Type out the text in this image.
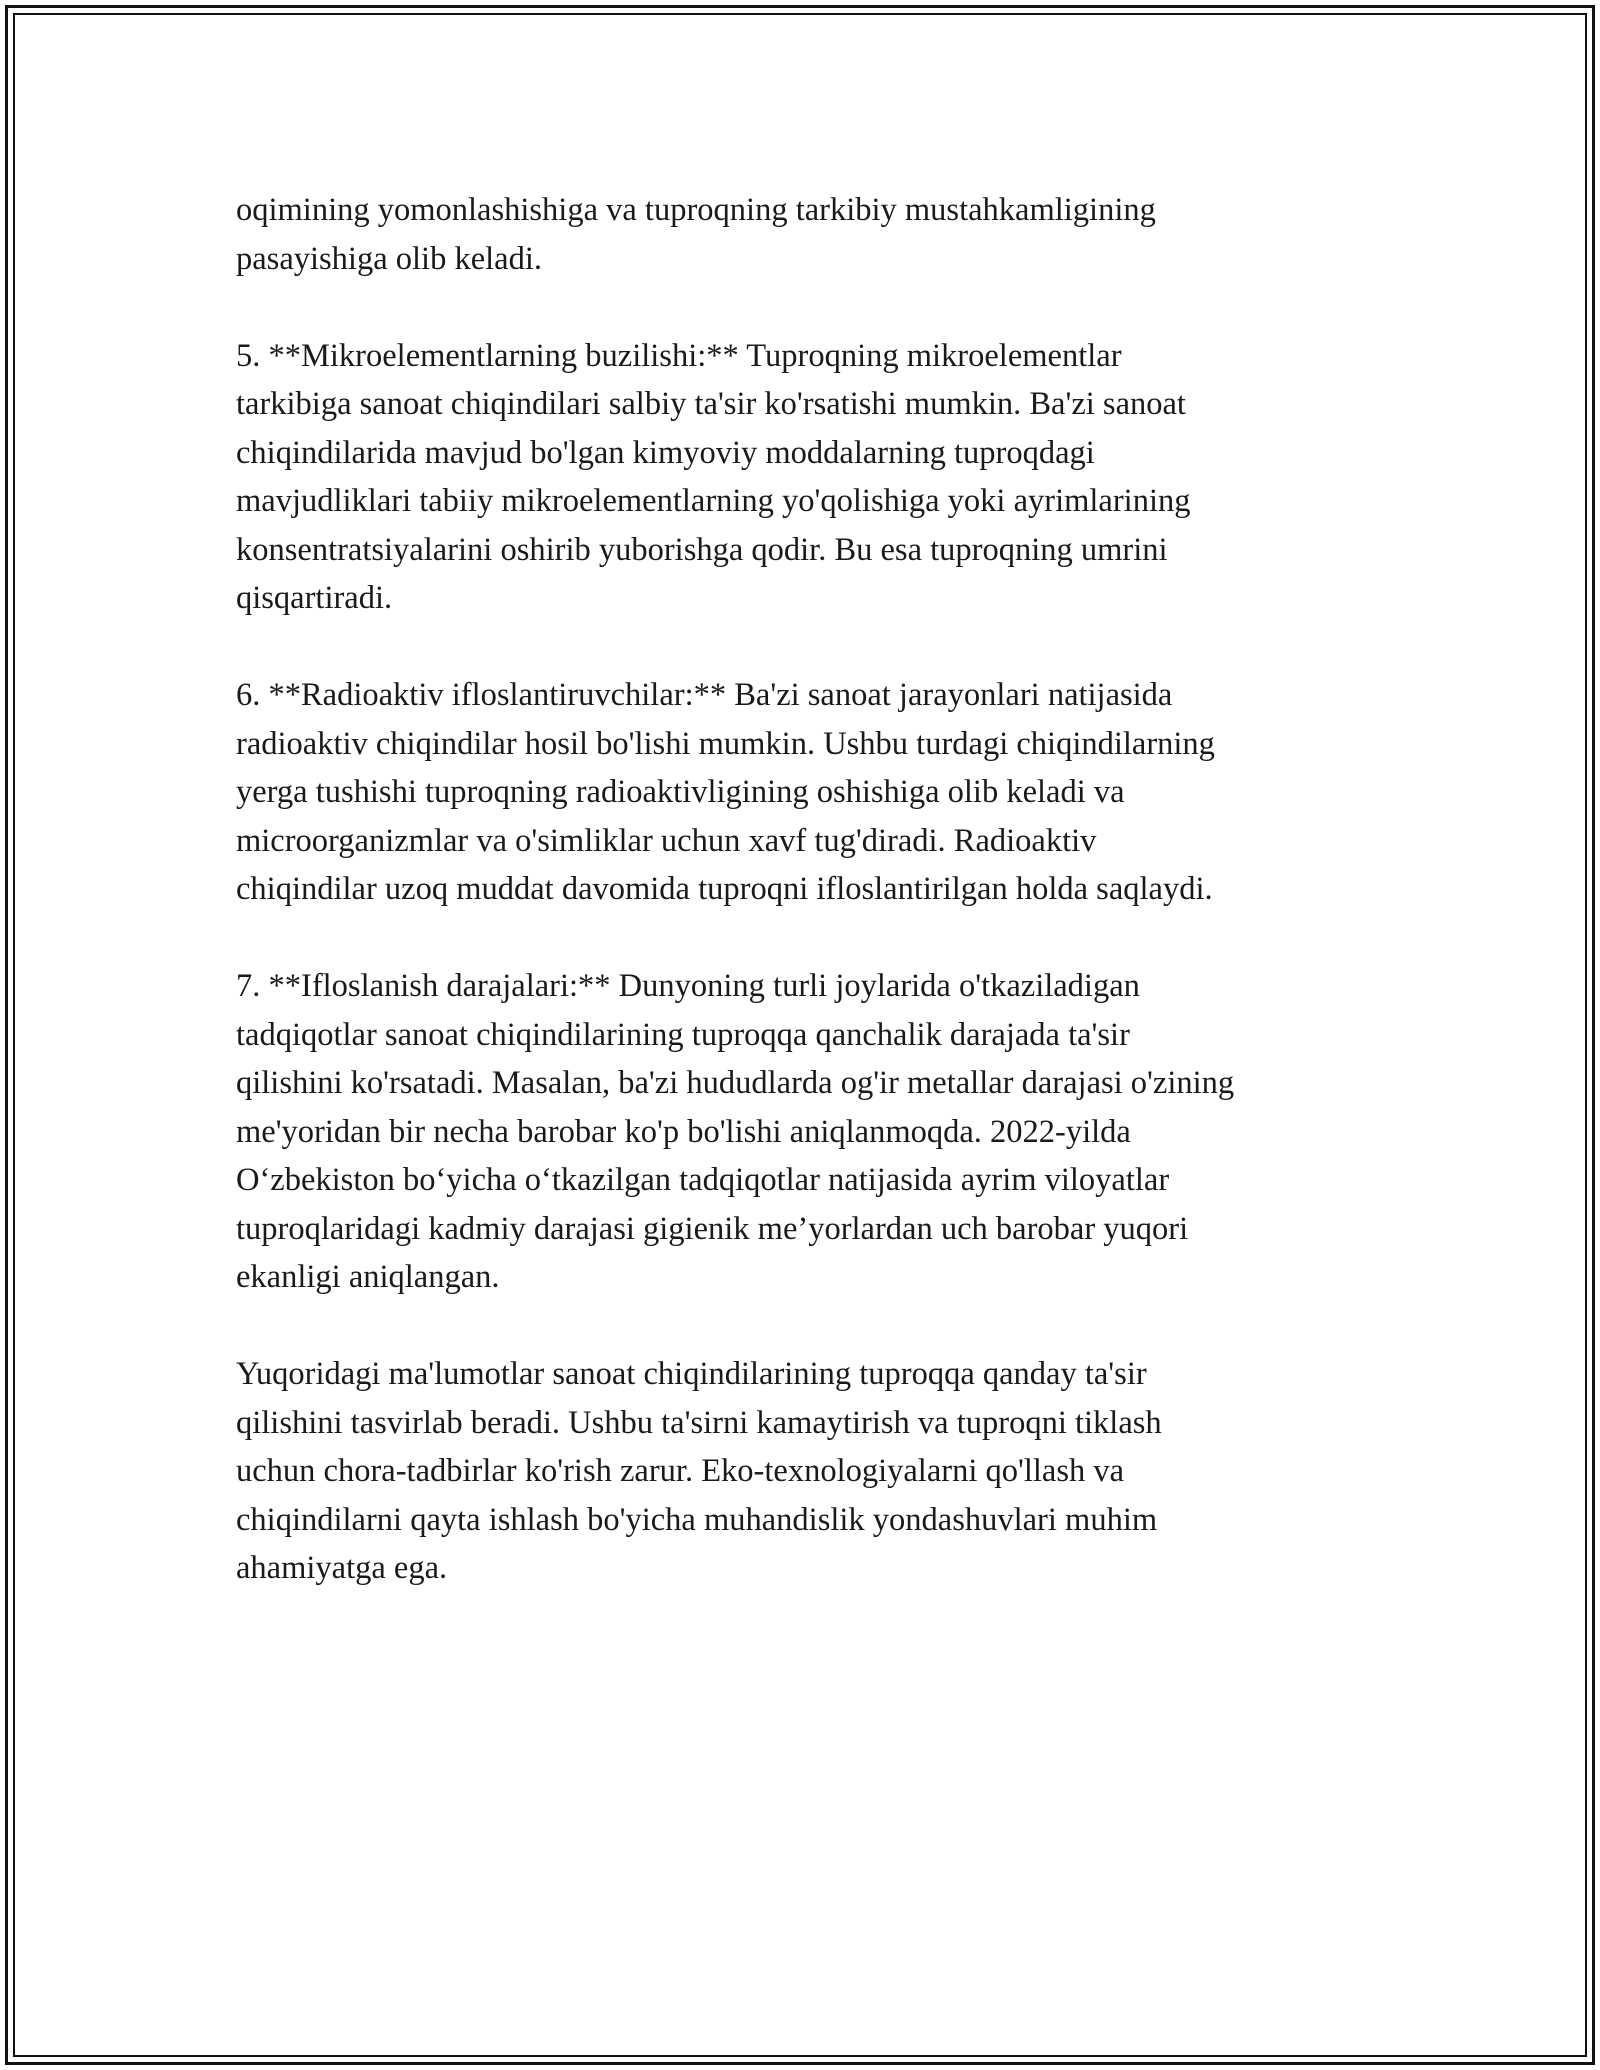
oqimining yomonlashishiga va tuproqning tarkibiy mustahkamligining
pasayishiga olib keladi.

5. **Mikroelementlarning buzilishi:** Tuproqning mikroelementlar
tarkibiga sanoat chiqindilari salbiy ta'sir ko'rsatishi mumkin. Ba'zi sanoat
chiqindilarida mavjud bo'lgan kimyoviy moddalarning tuproqdagi
mavjudliklari tabiiy mikroelementlarning yo'qolishiga yoki ayrimlarining
konsentratsiyalarini oshirib yuborishga qodir. Bu esa tuproqning umrini
qisqartiradi.

6. **Radioaktiv ifloslantiruvchilar:** Ba'zi sanoat jarayonlari natijasida
radioaktiv chiqindilar hosil bo'lishi mumkin. Ushbu turdagi chiqindilarning
yerga tushishi tuproqning radioaktivligining oshishiga olib keladi va
microorganizmlar va o'simliklar uchun xavf tug'diradi. Radioaktiv
chiqindilar uzoq muddat davomida tuproqni ifloslantirilgan holda saqlaydi.

7. **Ifloslanish darajalari:** Dunyoning turli joylarida o'tkaziladigan
tadqiqotlar sanoat chiqindilarining tuproqqa qanchalik darajada ta'sir
qilishini ko'rsatadi. Masalan, ba'zi hududlarda og'ir metallar darajasi o'zining
me'yoridan bir necha barobar ko'p bo'lishi aniqlanmoqda. 2022-yilda
O‘zbekiston bo‘yicha o‘tkazilgan tadqiqotlar natijasida ayrim viloyatlar
tuproqlaridagi kadmiy darajasi gigienik me’yorlardan uch barobar yuqori
ekanligi aniqlangan.

Yuqoridagi ma'lumotlar sanoat chiqindilarining tuproqqa qanday ta'sir
qilishini tasvirlab beradi. Ushbu ta'sirni kamaytirish va tuproqni tiklash
uchun chora-tadbirlar ko'rish zarur. Eko-texnologiyalarni qo'llash va
chiqindilarni qayta ishlash bo'yicha muhandislik yondashuvlari muhim
ahamiyatga ega.
